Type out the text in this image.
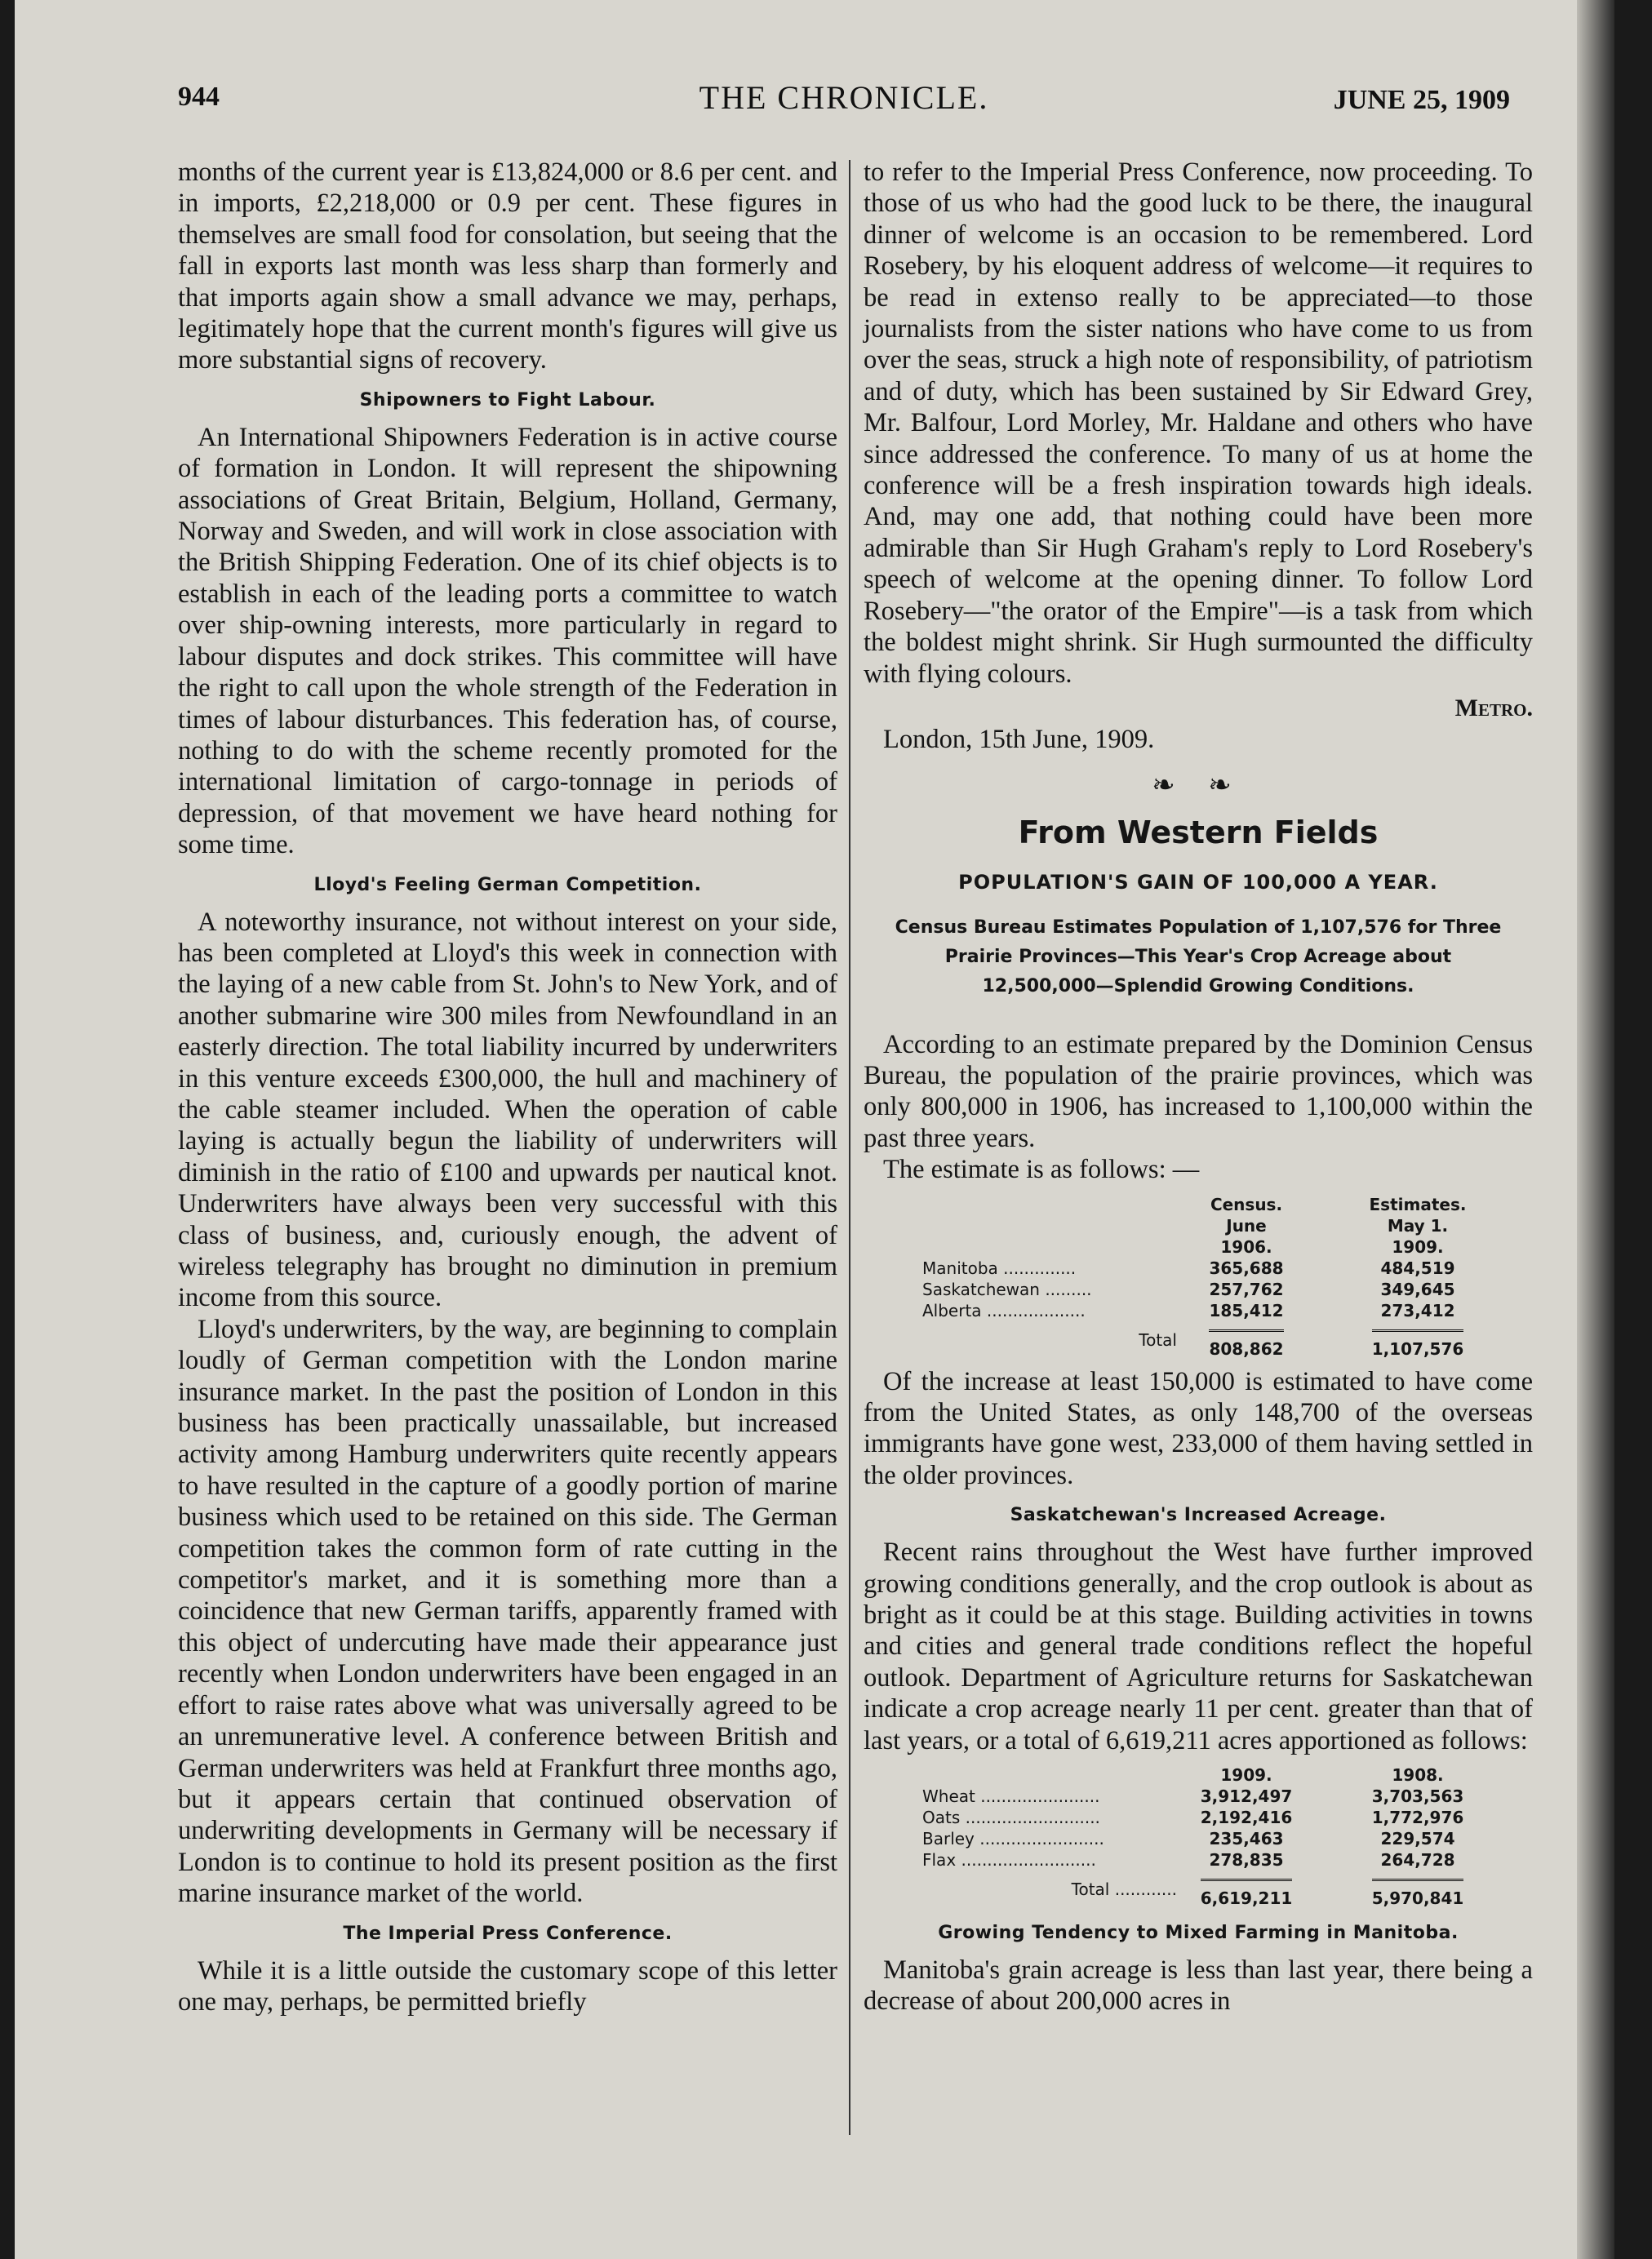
944	THE CHRONICLE.	JUNE 25, 1909

months of the current year is £13,824,000 or 8.6 per cent. and in imports, £2,218,000 or 0.9 per cent. These figures in themselves are small food for consolation, but seeing that the fall in exports last month was less sharp than formerly and that imports again show a small advance we may, perhaps, legitimately hope that the current month's figures will give us more substantial signs of recovery.

Shipowners to Fight Labour.

An International Shipowners Federation is in active course of formation in London. It will represent the shipowning associations of Great Britain, Belgium, Holland, Germany, Norway and Sweden, and will work in close association with the British Shipping Federation. One of its chief objects is to establish in each of the leading ports a committee to watch over ship-owning interests, more particularly in regard to labour disputes and dock strikes. This committee will have the right to call upon the whole strength of the Federation in times of labour disturbances. This federation has, of course, nothing to do with the scheme recently promoted for the international limitation of cargo-tonnage in periods of depression, of that movement we have heard nothing for some time.

Lloyd's Feeling German Competition.

A noteworthy insurance, not without interest on your side, has been completed at Lloyd's this week in connection with the laying of a new cable from St. John's to New York, and of another submarine wire 300 miles from Newfoundland in an easterly direction. The total liability incurred by underwriters in this venture exceeds £300,000, the hull and machinery of the cable steamer included. When the operation of cable laying is actually begun the liability of underwriters will diminish in the ratio of £100 and upwards per nautical knot. Underwriters have always been very successful with this class of business, and, curiously enough, the advent of wireless telegraphy has brought no diminution in premium income from this source.

Lloyd's underwriters, by the way, are beginning to complain loudly of German competition with the London marine insurance market. In the past the position of London in this business has been practically unassailable, but increased activity among Hamburg underwriters quite recently appears to have resulted in the capture of a goodly portion of marine business which used to be retained on this side. The German competition takes the common form of rate cutting in the competitor's market, and it is something more than a coincidence that new German tariffs, apparently framed with this object of undercuting have made their appearance just recently when London underwriters have been engaged in an effort to raise rates above what was universally agreed to be an unremunerative level. A conference between British and German underwriters was held at Frankfurt three months ago, but it appears certain that continued observation of underwriting developments in Germany will be necessary if London is to continue to hold its present position as the first marine insurance market of the world.

The Imperial Press Conference.

While it is a little outside the customary scope of this letter one may, perhaps, be permitted briefly

to refer to the Imperial Press Conference, now proceeding. To those of us who had the good luck to be there, the inaugural dinner of welcome is an occasion to be remembered. Lord Rosebery, by his eloquent address of welcome—it requires to be read in extenso really to be appreciated—to those journalists from the sister nations who have come to us from over the seas, struck a high note of responsibility, of patriotism and of duty, which has been sustained by Sir Edward Grey, Mr. Balfour, Lord Morley, Mr. Haldane and others who have since addressed the conference. To many of us at home the conference will be a fresh inspiration towards high ideals. And, may one add, that nothing could have been more admirable than Sir Hugh Graham's reply to Lord Rosebery's speech of welcome at the opening dinner. To follow Lord Rosebery—"the orator of the Empire"—is a task from which the boldest might shrink. Sir Hugh surmounted the difficulty with flying colours.

Metro.

London, 15th June, 1909.

❧ ❧
From Western Fields
POPULATION'S GAIN OF 100,000 A YEAR.
Census Bureau Estimates Population of 1,107,576 for Three Prairie Provinces—This Year's Crop Acreage about 12,500,000—Splendid Growing Conditions.

According to an estimate prepared by the Dominion Census Bureau, the population of the prairie provinces, which was only 800,000 in 1906, has increased to 1,100,000 within the past three years.

The estimate is as follows: —

	Census.		Estimates.
	June		May 1.
	1906.		1909.
Manitoba ..............	365,688		484,519
Saskatchewan .........	257,762		349,645
Alberta ...................	185,412		273,412
Total	808,862		1,107,576

Of the increase at least 150,000 is estimated to have come from the United States, as only 148,700 of the overseas immigrants have gone west, 233,000 of them having settled in the older provinces.

Saskatchewan's Increased Acreage.

Recent rains throughout the West have further improved growing conditions generally, and the crop outlook is about as bright as it could be at this stage. Building activities in towns and cities and general trade conditions reflect the hopeful outlook. Department of Agriculture returns for Saskatchewan indicate a crop acreage nearly 11 per cent. greater than that of last years, or a total of 6,619,211 acres apportioned as follows:

	1909.		1908.
Wheat .......................	3,912,497		3,703,563
Oats ..........................	2,192,416		1,772,976
Barley ........................	235,463		229,574
Flax ..........................	278,835		264,728
Total ............	6,619,211		5,970,841
Growing Tendency to Mixed Farming in Manitoba.

Manitoba's grain acreage is less than last year, there being a decrease of about 200,000 acres in
